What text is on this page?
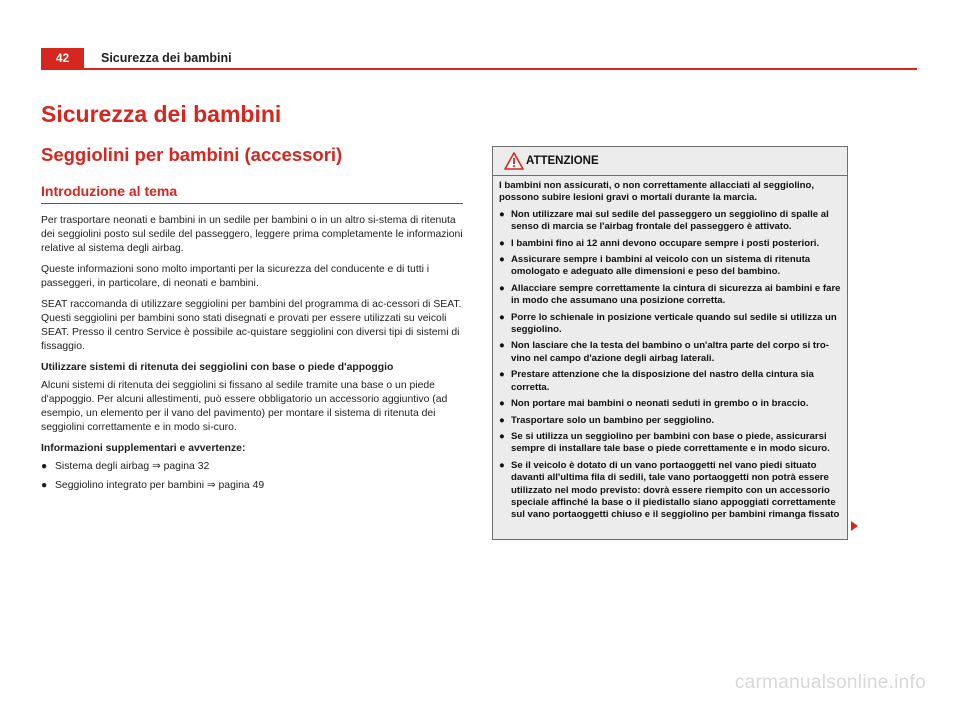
42	Sicurezza dei bambini
Sicurezza dei bambini
Seggiolini per bambini (accessori)
Introduzione al tema

Per trasportare neonati e bambini in un sedile per bambini o in un altro si-stema di ritenuta dei seggiolini posto sul sedile del passeggero, leggere prima completamente le informazioni relative al sistema degli airbag.

Queste informazioni sono molto importanti per la sicurezza del conducente e di tutti i passeggeri, in particolare, di neonati e bambini.

SEAT raccomanda di utilizzare seggiolini per bambini del programma di ac-cessori di SEAT. Questi seggiolini per bambini sono stati disegnati e provati per essere utilizzati su veicoli SEAT. Presso il centro Service è possibile ac-quistare seggiolini con diversi tipi di sistemi di fissaggio.

Utilizzare sistemi di ritenuta dei seggiolini con base o piede d'appoggio

Alcuni sistemi di ritenuta dei seggiolini si fissano al sedile tramite una base o un piede d'appoggio. Per alcuni allestimenti, può essere obbligatorio un accessorio aggiuntivo (ad esempio, un elemento per il vano del pavimento) per montare il sistema di ritenuta dei seggiolini correttamente e in modo si-curo.

Informazioni supplementari e avvertenze:

● Sistema degli airbag ⇒ pagina 32
● Seggiolino integrato per bambini ⇒ pagina 49
ATTENZIONE

I bambini non assicurati, o non correttamente allacciati al seggiolino, possono subire lesioni gravi o mortali durante la marcia.

● Non utilizzare mai sul sedile del passeggero un seggiolino di spalle al senso di marcia se l'airbag frontale del passeggero è attivato.

● I bambini fino ai 12 anni devono occupare sempre i posti posteriori.

● Assicurare sempre i bambini al veicolo con un sistema di ritenuta omologato e adeguato alle dimensioni e peso del bambino.

● Allacciare sempre correttamente la cintura di sicurezza ai bambini e fare in modo che assumano una posizione corretta.

● Porre lo schienale in posizione verticale quando sul sedile si utilizza un seggiolino.

● Non lasciare che la testa del bambino o un'altra parte del corpo si tro-vino nel campo d'azione degli airbag laterali.

● Prestare attenzione che la disposizione del nastro della cintura sia corretta.

● Non portare mai bambini o neonati seduti in grembo o in braccio.

● Trasportare solo un bambino per seggiolino.

● Se si utilizza un seggiolino per bambini con base o piede, assicurarsi sempre di installare tale base o piede correttamente e in modo sicuro.

● Se il veicolo è dotato di un vano portaoggetti nel vano piedi situato davanti all'ultima fila di sedili, tale vano portaoggetti non potrà essere utilizzato nel modo previsto: dovrà essere riempito con un accessorio speciale affinché la base o il piedistallo siano appoggiati correttamente sul vano portaoggetti chiuso e il seggiolino per bambini rimanga fissato

carmanualsonline.info
